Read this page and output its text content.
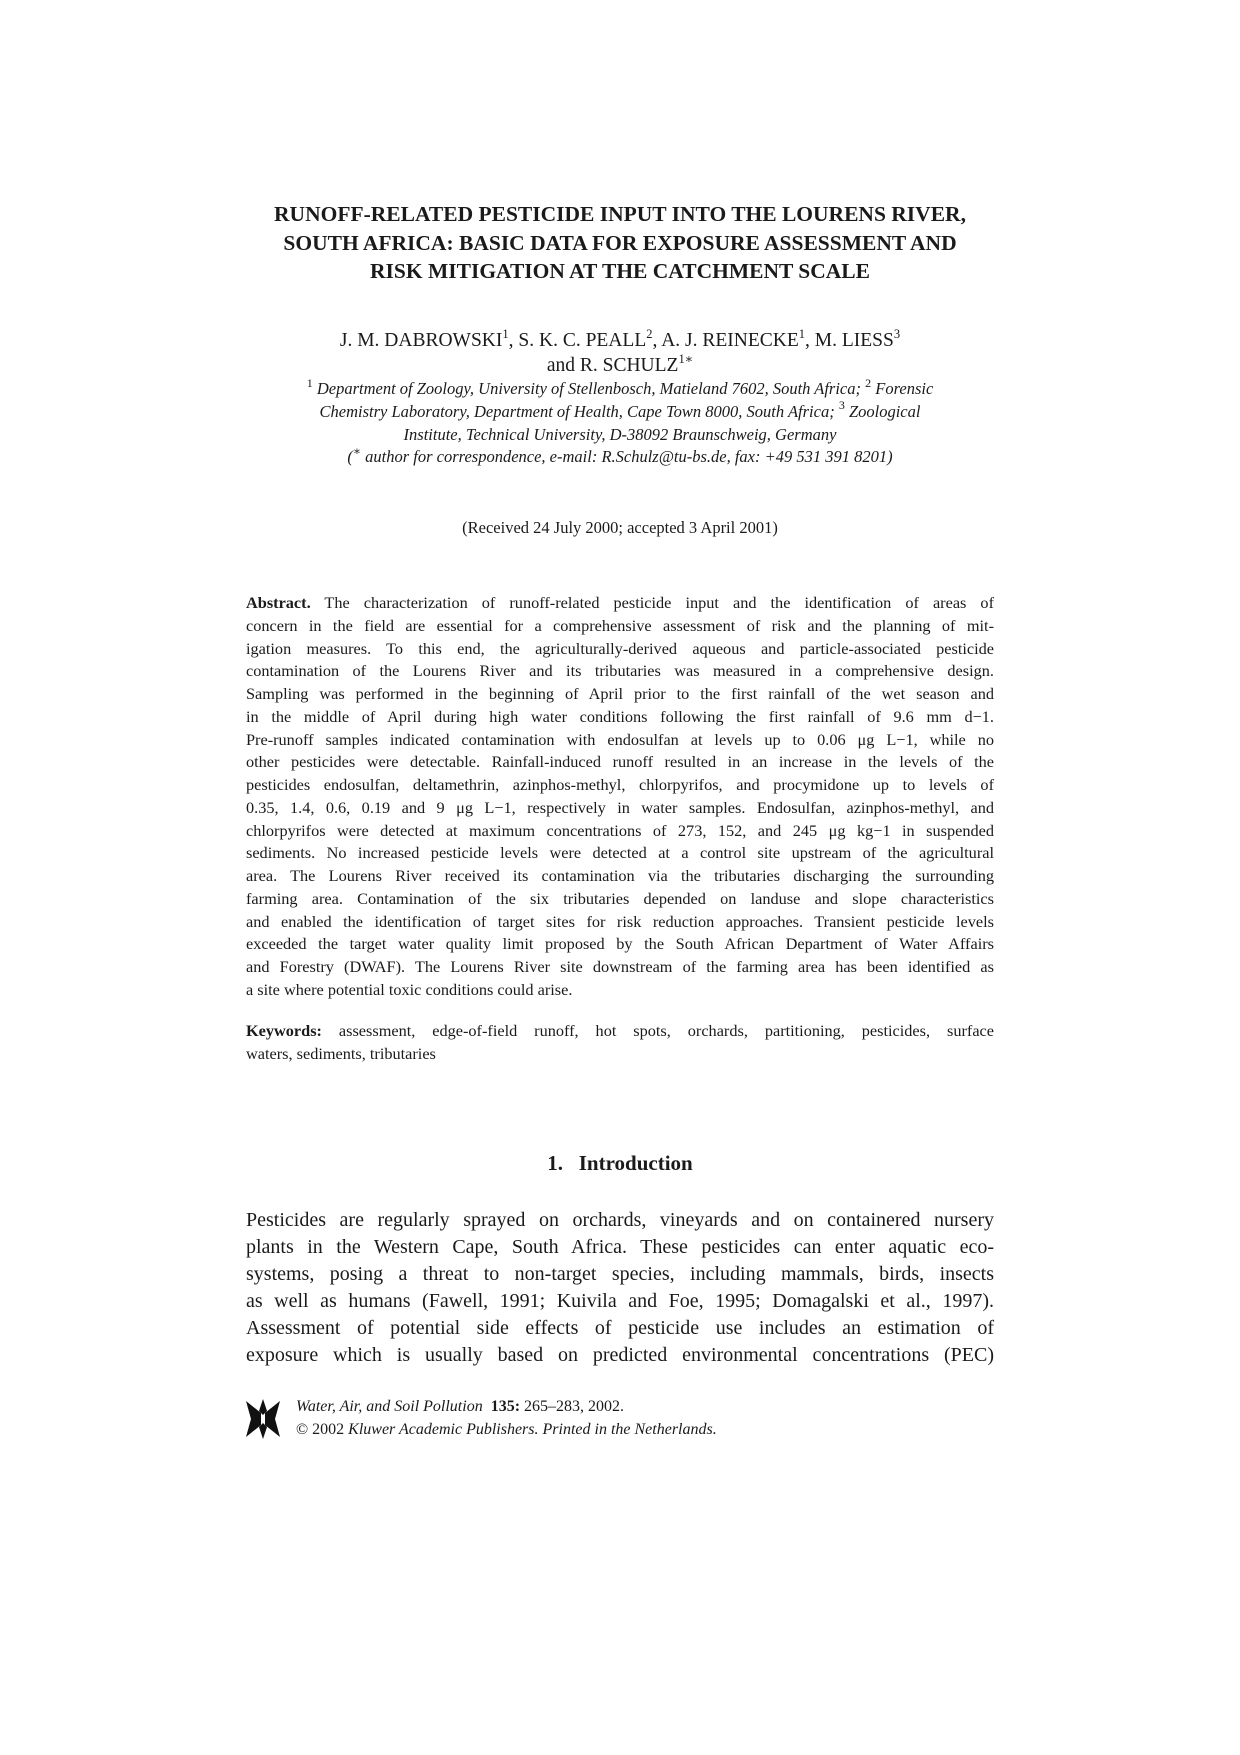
RUNOFF-RELATED PESTICIDE INPUT INTO THE LOURENS RIVER,
SOUTH AFRICA: BASIC DATA FOR EXPOSURE ASSESSMENT AND
RISK MITIGATION AT THE CATCHMENT SCALE
J. M. DABROWSKI$^1$, S. K. C. PEALL$^2$, A. J. REINECKE$^1$, M. LIESS$^3$
and R. $SCHULZ^{1∗}$
$^1$ Department of Zoology, University of Stellenbosch, Matieland 7602, South Africa; $^2$ Forensic
Chemistry Laboratory, Department of Health, Cape Town 8000, South Africa; $^3$ Zoological
Institute, Technical University, D-38092 Braunschweig, Germany
(∗ author for correspondence, e-mail: R.Schulz@tu-bs.de, fax: +49 531 391 8201)
(Received 24 July 2000; accepted 3 April 2001)
Abstract. The characterization of runoff-related pesticide input and the identification of areas of
concern in the field are essential for a comprehensive assessment of risk and the planning of mit-
igation measures. To this end, the agriculturally-derived aqueous and particle-associated pesticide
contamination of the Lourens River and its tributaries was measured in a comprehensive design.
Sampling was performed in the beginning of April prior to the first rainfall of the wet season and
in the middle of April during high water conditions following the first rainfall of 9.6 mm d−1.
Pre-runoff samples indicated contamination with endosulfan at levels up to 0.06 μg L−1, while no
other pesticides were detectable. Rainfall-induced runoff resulted in an increase in the levels of the
pesticides endosulfan, deltamethrin, azinphos-methyl, chlorpyrifos, and procymidone up to levels of
0.35, 1.4, 0.6, 0.19 and 9 μg L−1, respectively in water samples. Endosulfan, azinphos-methyl, and
chlorpyrifos were detected at maximum concentrations of 273, 152, and 245 μg kg−1 in suspended
sediments. No increased pesticide levels were detected at a control site upstream of the agricultural
area. The Lourens River received its contamination via the tributaries discharging the surrounding
farming area. Contamination of the six tributaries depended on landuse and slope characteristics
and enabled the identification of target sites for risk reduction approaches. Transient pesticide levels
exceeded the target water quality limit proposed by the South African Department of Water Affairs
and Forestry (DWAF). The Lourens River site downstream of the farming area has been identified as
a site where potential toxic conditions could arise.
Keywords: assessment, edge-of-field runoff, hot spots, orchards, partitioning, pesticides, surface
waters, sediments, tributaries
1. Introduction
Pesticides are regularly sprayed on orchards, vineyards and on containered nursery
plants in the Western Cape, South Africa. These pesticides can enter aquatic eco-
systems, posing a threat to non-target species, including mammals, birds, insects
as well as humans (Fawell, 1991; Kuivila and Foe, 1995; Domagalski et al., 1997).
Assessment of potential side effects of pesticide use includes an estimation of
exposure which is usually based on predicted environmental concentrations (PEC)
Water, Air, and Soil Pollution 135: 265–283, 2002.
© 2002 Kluwer Academic Publishers. Printed in the Netherlands.
